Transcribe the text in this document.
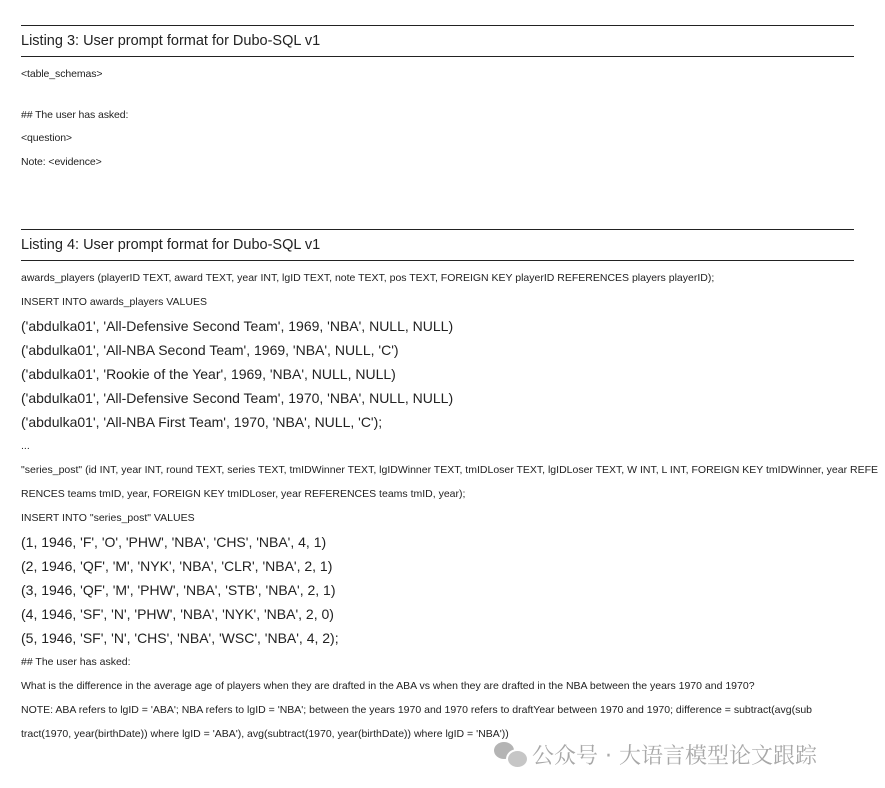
Listing 3: User prompt format for Dubo-SQL v1
<table_schemas>
## The user has asked:
<question>
Note: <evidence>
Listing 4: User prompt format for Dubo-SQL v1
awards_players (playerID TEXT, award TEXT, year INT, lgID TEXT, note TEXT, pos TEXT, FOREIGN KEY playerID REFERENCES players playerID);
INSERT INTO awards_players VALUES
('abdulka01', 'All-Defensive Second Team', 1969, 'NBA', NULL, NULL)
('abdulka01', 'All-NBA Second Team', 1969, 'NBA', NULL, 'C')
('abdulka01', 'Rookie of the Year', 1969, 'NBA', NULL, NULL)
('abdulka01', 'All-Defensive Second Team', 1970, 'NBA', NULL, NULL)
('abdulka01', 'All-NBA First Team', 1970, 'NBA', NULL, 'C');
...
"series_post" (id INT, year INT, round TEXT, series TEXT, tmIDWinner TEXT, lgIDWinner TEXT, tmIDLoser TEXT, lgIDLoser TEXT, W INT, L INT, FOREIGN KEY tmIDWinner, year REFE
RENCES teams tmID, year, FOREIGN KEY tmIDLoser, year REFERENCES teams tmID, year);
INSERT INTO "series_post" VALUES
(1, 1946, 'F', 'O', 'PHW', 'NBA', 'CHS', 'NBA', 4, 1)
(2, 1946, 'QF', 'M', 'NYK', 'NBA', 'CLR', 'NBA', 2, 1)
(3, 1946, 'QF', 'M', 'PHW', 'NBA', 'STB', 'NBA', 2, 1)
(4, 1946, 'SF', 'N', 'PHW', 'NBA', 'NYK', 'NBA', 2, 0)
(5, 1946, 'SF', 'N', 'CHS', 'NBA', 'WSC', 'NBA', 4, 2);
## The user has asked:
What is the difference in the average age of players when they are drafted in the ABA vs when they are drafted in the NBA between the years 1970 and 1970?
NOTE: ABA refers to lgID = 'ABA'; NBA refers to lgID = 'NBA'; between the years 1970 and 1970 refers to draftYear between 1970 and 1970; difference = subtract(avg(sub
tract(1970, year(birthDate)) where lgID = 'ABA'), avg(subtract(1970, year(birthDate)) where lgID = 'NBA'))
公众号 · 大语言模型论文跟踪
